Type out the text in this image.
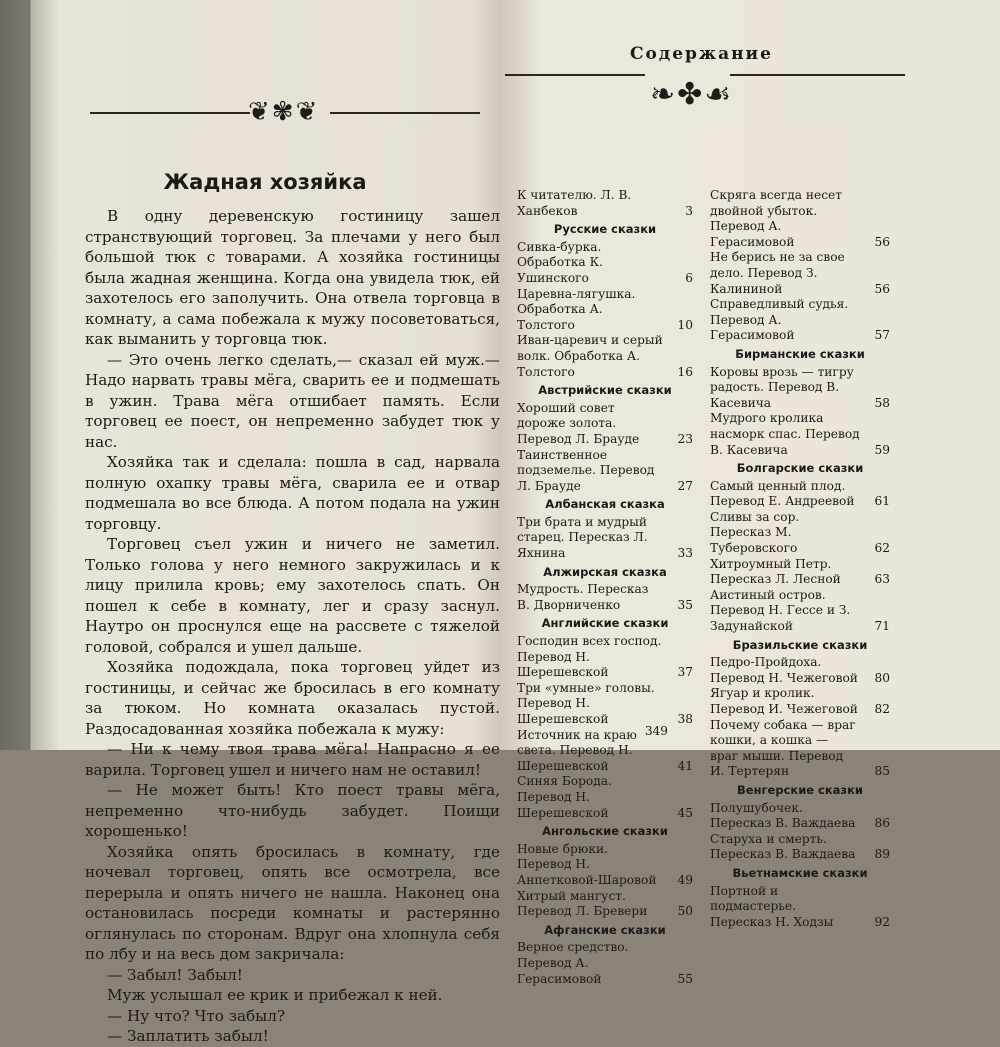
❦✾❦
Жадная хозяйка

В одну деревенскую гостиницу зашел странствующий торговец. За плечами у него был большой тюк с товарами. А хозяйка гостиницы была жадная женщина. Когда она увидела тюк, ей захотелось его заполучить. Она отвела торговца в комнату, а сама побежала к мужу посоветоваться, как выманить у торговца тюк.

— Это очень легко сделать,— сказал ей муж.— Надо нарвать травы мёга, сварить ее и подмешать в ужин. Трава мёга отшибает память. Если торговец ее поест, он непременно забудет тюк у нас.

Хозяйка так и сделала: пошла в сад, нарвала полную охапку травы мёга, сварила ее и отвар подмешала во все блюда. А потом подала на ужин торговцу.

Торговец съел ужин и ничего не заметил. Только голова у него немного закружилась и к лицу прилила кровь; ему захотелось спать. Он пошел к себе в комнату, лег и сразу заснул. Наутро он проснулся еще на рассвете с тяжелой головой, собрался и ушел дальше.

Хозяйка подождала, пока торговец уйдет из гостиницы, и сейчас же бросилась в его комнату за тюком. Но комната оказалась пустой. Раздосадованная хозяйка побежала к мужу:

— Ни к чему твоя трава мёга! Напрасно я ее варила. Торговец ушел и ничего нам не оставил!

— Не может быть! Кто поест травы мёга, непременно что-нибудь забудет. Поищи хорошенько!

Хозяйка опять бросилась в комнату, где ночевал торговец, опять все осмотрела, все перерыла и опять ничего не нашла. Наконец она остановилась посреди комнаты и растерянно оглянулась по сторонам. Вдруг она хлопнула себя по лбу и на весь дом закричала:

— Забыл! Забыл!

Муж услышал ее крик и прибежал к ней.

— Ну что? Что забыл?

— Заплатить забыл!

Содержание
❧✤☙
К читателю. Л. В. Ханбеков	3
Русские сказки
Сивка-бурка. Обработка К. Ушинского	6
Царевна-лягушка. Обработка А. Толстого	10
Иван-царевич и серый волк. Обработка А. Толстого	16
Австрийские сказки
Хороший совет дороже золота. Перевод Л. Брауде	23
Таинственное подземелье. Перевод Л. Брауде	27
Албанская сказка
Три брата и мудрый старец. Пересказ Л. Яхнина	33
Алжирская сказка
Мудрость. Пересказ В. Дворниченко	35
Английские сказки
Господин всех господ. Перевод Н. Шерешевской	37
Три «умные» головы. Перевод Н. Шерешевской	38
Источник на краю света. Перевод Н. Шерешевской	41
Синяя Борода. Перевод Н. Шерешевской	45
Ангольские сказки
Новые брюки. Перевод Н. Анпетковой-Шаровой 49
Хитрый мангуст. Перевод Л. Бревери 50
Афганские сказки
Верное средство. Перевод А. Герасимовой	55
Скряга всегда несет двойной убыток. Перевод А. Герасимовой	56
Не берись не за свое дело. Перевод З. Калининой	56
Справедливый судья. Перевод А. Герасимовой	57
Бирманские сказки
Коровы врозь — тигру радость. Перевод В. Касевича	58
Мудрого кролика насморк спас. Перевод В. Касевича	59
Болгарские сказки
Самый ценный плод. Перевод Е. Андреевой 61
Сливы за сор. Пересказ М. Туберовского	62
Хитроумный Петр. Пересказ Л. Лесной	63
Аистиный остров. Перевод Н. Гессе и З. Задунайской	71
Бразильские сказки
Педро-Пройдоха. Перевод Н. Чежеговой 80
Ягуар и кролик. Перевод И. Чежеговой 82
Почему собака — враг кошки, а кошка — враг мыши. Перевод И. Тертерян	85
Венгерские сказки
Полушубочек. Пересказ В. Важдаева 86
Старуха и смерть. Пересказ В. Важдаева 89
Вьетнамские сказки
Портной и подмастерье. Пересказ Н. Ходзы	92
349
